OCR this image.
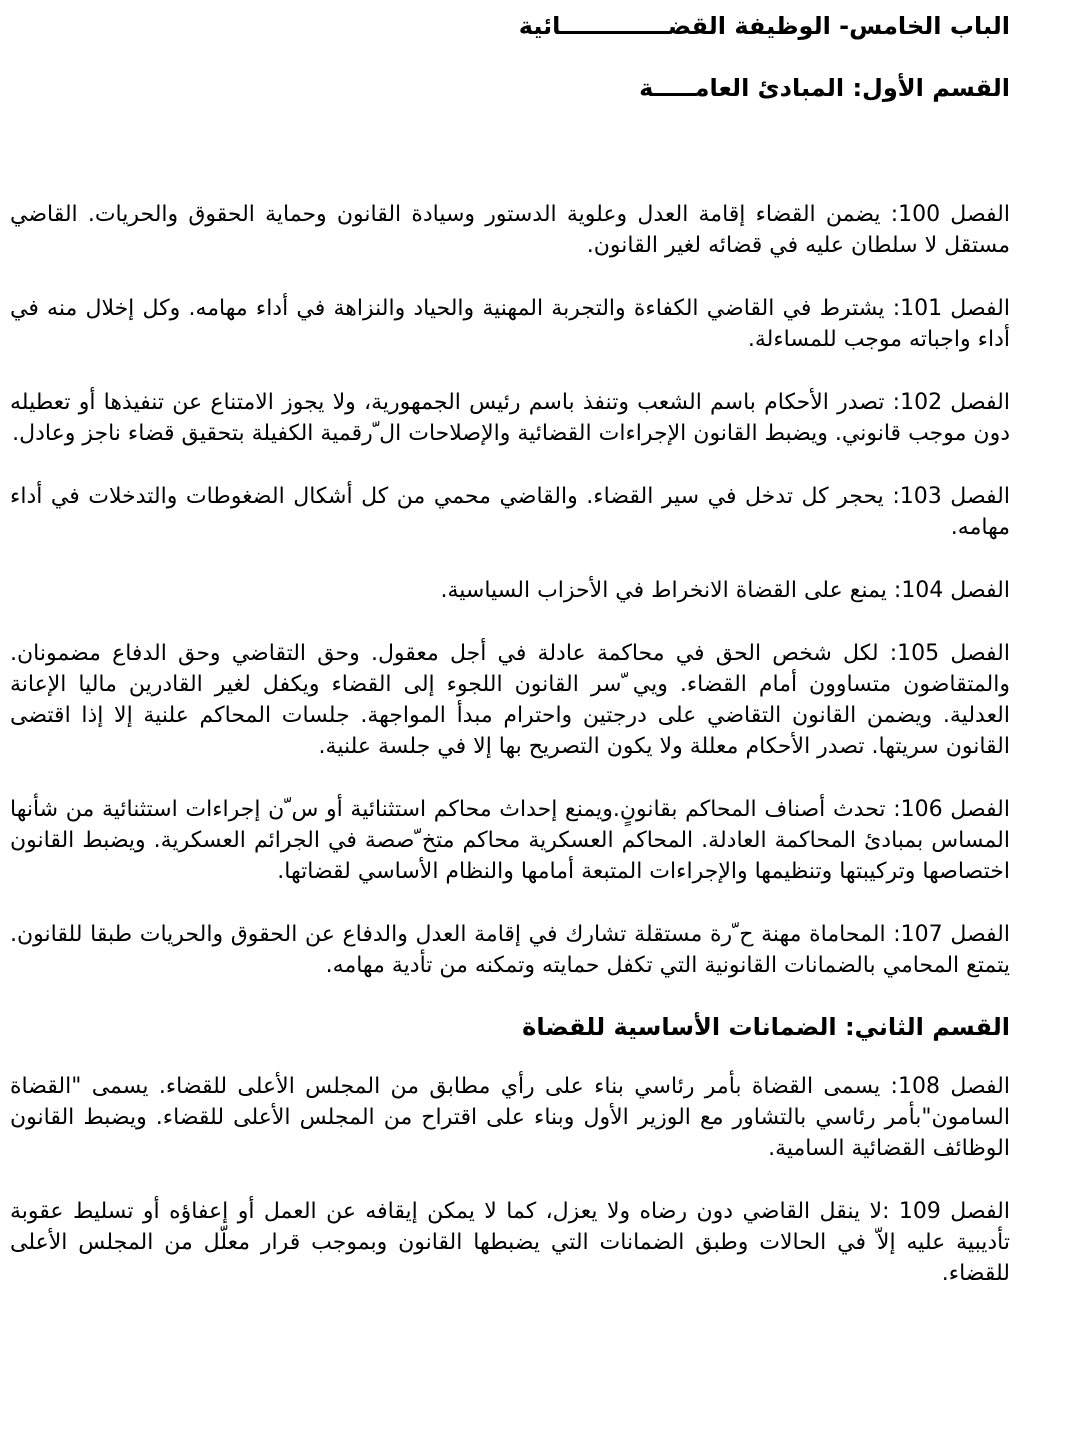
الباب الخامس- الوظيفة القضـــــــــــــائية
القسم الأول: المبادئ العامـــــة

الفصل 100: يضمن القضاء إقامة العدل وعلوية الدستور وسيادة القانون وحماية الحقوق والحريات. القاضي مستقل لا سلطان عليه في قضائه لغير القانون.

الفصل 101: يشترط في القاضي الكفاءة والتجربة المهنية والحياد والنزاهة في أداء مهامه. وكل إخلال منه في أداء واجباته موجب للمساءلة.

الفصل 102: تصدر الأحكام باسم الشعب وتنفذ باسم رئيس الجمهورية، ولا يجوز الامتناع عن تنفيذها أو تعطيله دون موجب قانوني. ويضبط القانون الإجراءات القضائية والإصلاحات ال ّرقمية الكفيلة بتحقيق قضاء ناجز وعادل.

الفصل 103: يحجر كل تدخل في سير القضاء. والقاضي محمي من كل أشكال الضغوطات والتدخلات في أداء مهامه.

الفصل 104: يمنع على القضاة الانخراط في الأحزاب السياسية.

الفصل 105: لكل شخص الحق في محاكمة عادلة في أجل معقول. وحق التقاضي وحق الدفاع مضمونان. والمتقاضون متساوون أمام القضاء. ويي ّسر القانون اللجوء إلى القضاء ويكفل لغير القادرين ماليا الإعانة العدلية. ويضمن القانون التقاضي على درجتين واحترام مبدأ المواجهة. جلسات المحاكم علنية إلا إذا اقتضى القانون سريتها. تصدر الأحكام معللة ولا يكون التصريح بها إلا في جلسة علنية.

الفصل 106: تحدث أصناف المحاكم بقانونٍ.ويمنع إحداث محاكم استثنائية أو س ّن إجراءات استثنائية من شأنها المساس بمبادئ المحاكمة العادلة. المحاكم العسكرية محاكم متخ ّصصة في الجرائم العسكرية. ويضبط القانون اختصاصها وتركيبتها وتنظيمها والإجراءات المتبعة أمامها والنظام الأساسي لقضاتها.

الفصل 107: المحاماة مهنة ح ّرة مستقلة تشارك في إقامة العدل والدفاع عن الحقوق والحريات طبقا للقانون. يتمتع المحامي بالضمانات القانونية التي تكفل حمايته وتمكنه من تأدية مهامه.

القسم الثاني: الضمانات الأساسية للقضاة

الفصل 108: يسمى القضاة بأمر رئاسي بناء على رأي مطابق من المجلس الأعلى للقضاء. يسمى "القضاة السامون"بأمر رئاسي بالتشاور مع الوزير الأول وبناء على اقتراح من المجلس الأعلى للقضاء. ويضبط القانون الوظائف القضائية السامية.

الفصل 109 :لا ينقل القاضي دون رضاه ولا يعزل، كما لا يمكن إيقافه عن العمل أو إعفاؤه أو تسليط عقوبة تأديبية عليه إلاّ في الحالات وطبق الضمانات التي يضبطها القانون وبموجب قرار معلّل من المجلس الأعلى للقضاء.
